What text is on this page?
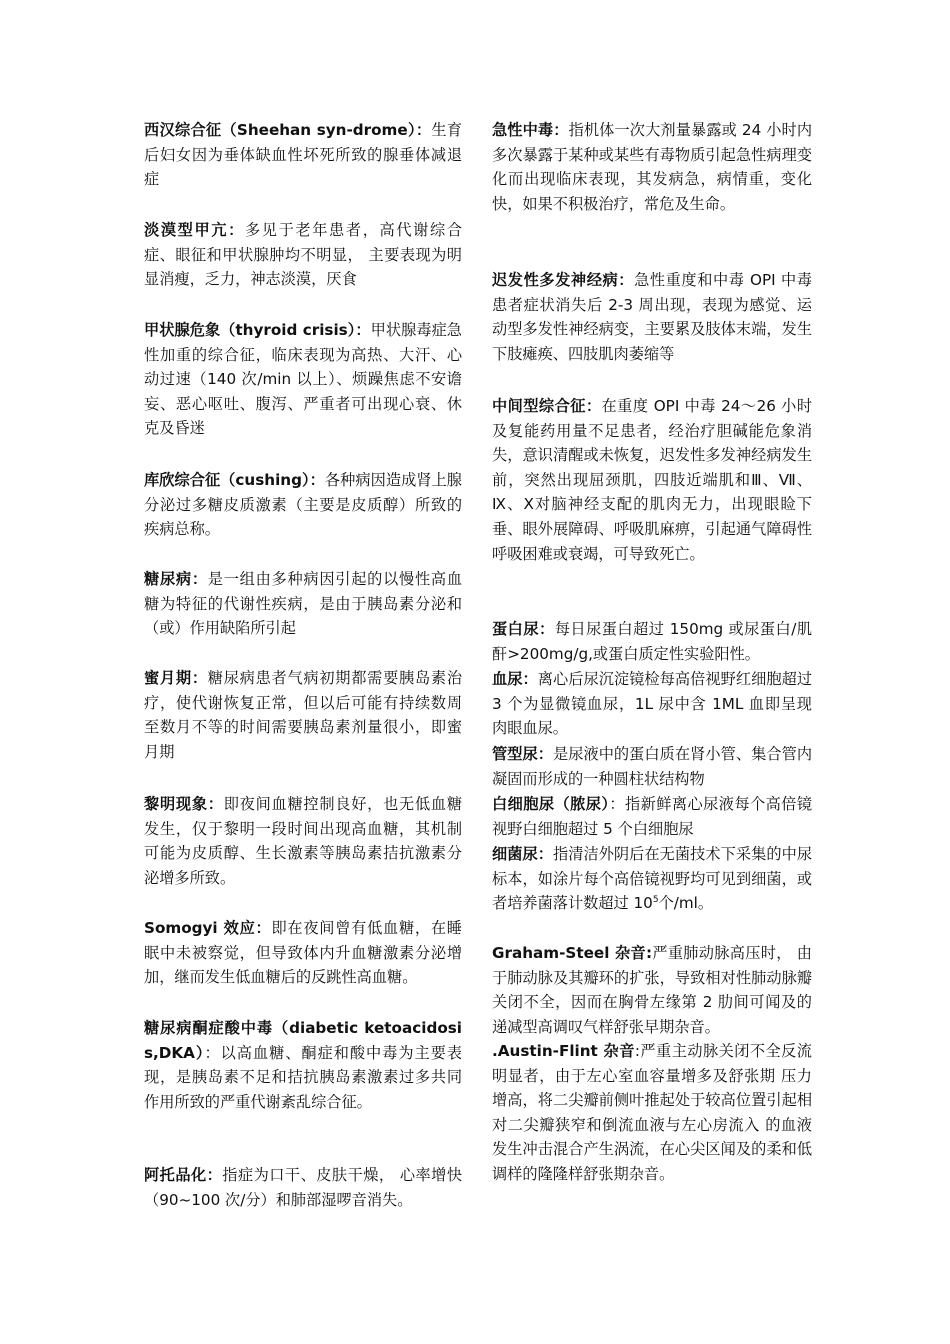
西汉综合征（Sheehan syn-drome）：生育后妇女因为垂体缺血性坏死所致的腺垂体减退症

淡漠型甲亢：多见于老年患者，高代谢综合症、眼征和甲状腺肿均不明显， 主要表现为明显消瘦，乏力，神志淡漠，厌食

甲状腺危象（thyroid crisis）：甲状腺毒症急性加重的综合征，临床表现为高热、大汗、心动过速（140 次/min 以上）、烦躁焦虑不安谵妄、恶心呕吐、腹泻、严重者可出现心衰、休克及昏迷

库欣综合征（cushing）：各种病因造成肾上腺分泌过多糖皮质激素（主要是皮质醇）所致的疾病总称。

糖尿病：是一组由多种病因引起的以慢性高血糖为特征的代谢性疾病，是由于胰岛素分泌和（或）作用缺陷所引起

蜜月期：糖尿病患者气病初期都需要胰岛素治疗，使代谢恢复正常，但以后可能有持续数周至数月不等的时间需要胰岛素剂量很小，即蜜月期

黎明现象：即夜间血糖控制良好，也无低血糖发生，仅于黎明一段时间出现高血糖，其机制可能为皮质醇、生长激素等胰岛素拮抗激素分泌增多所致。

Somogyi 效应：即在夜间曾有低血糖，在睡眠中未被察觉，但导致体内升血糖激素分泌增加，继而发生低血糖后的反跳性高血糖。

糖尿病酮症酸中毒（diabetic ketoacidosis,DKA）：以高血糖、酮症和酸中毒为主要表现，是胰岛素不足和拮抗胰岛素激素过多共同作用所致的严重代谢紊乱综合征。

阿托品化：指症为口干、皮肤干燥， 心率增快（90~100 次/分）和肺部湿啰音消失。

急性中毒：指机体一次大剂量暴露或 24 小时内多次暴露于某种或某些有毒物质引起急性病理变化而出现临床表现，其发病急，病情重，变化快，如果不积极治疗，常危及生命。

迟发性多发神经病：急性重度和中毒 OPI 中毒患者症状消失后 2-3 周出现，表现为感觉、运动型多发性神经病变，主要累及肢体末端，发生下肢瘫痪、四肢肌肉萎缩等

中间型综合征：在重度 OPI 中毒 24～26 小时及复能药用量不足患者，经治疗胆碱能危象消失，意识清醒或未恢复，迟发性多发神经病发生前，突然出现屈颈肌，四肢近端肌和Ⅲ、Ⅶ、Ⅸ、Ⅹ对脑神经支配的肌肉无力，出现眼睑下垂、眼外展障碍、呼吸肌麻痹，引起通气障碍性呼吸困难或衰竭，可导致死亡。

蛋白尿：每日尿蛋白超过 150mg 或尿蛋白/肌酐>200mg/g,或蛋白质定性实验阳性。

血尿：离心后尿沉淀镜检每高倍视野红细胞超过 3 个为显微镜血尿，1L 尿中含 1ML 血即呈现肉眼血尿。

管型尿：是尿液中的蛋白质在肾小管、集合管内凝固而形成的一种圆柱状结构物

白细胞尿（脓尿）：指新鲜离心尿液每个高倍镜视野白细胞超过 5 个白细胞尿

细菌尿：指清洁外阴后在无菌技术下采集的中尿标本，如涂片每个高倍镜视野均可见到细菌，或者培养菌落计数超过 $10^5$个/ml。

Graham-Steel 杂音:严重肺动脉高压时， 由于肺动脉及其瓣环的扩张，导致相对性肺动脉瓣关闭不全，因而在胸骨左缘第 2 肋间可闻及的递减型高调叹气样舒张早期杂音。

.Austin-Flint 杂音:严重主动脉关闭不全反流明显者，由于左心室血容量增多及舒张期 压力增高，将二尖瓣前侧叶推起处于较高位置引起相对二尖瓣狭窄和倒流血液与左心房流入 的血液发生冲击混合产生涡流，在心尖区闻及的柔和低调样的隆隆样舒张期杂音。
